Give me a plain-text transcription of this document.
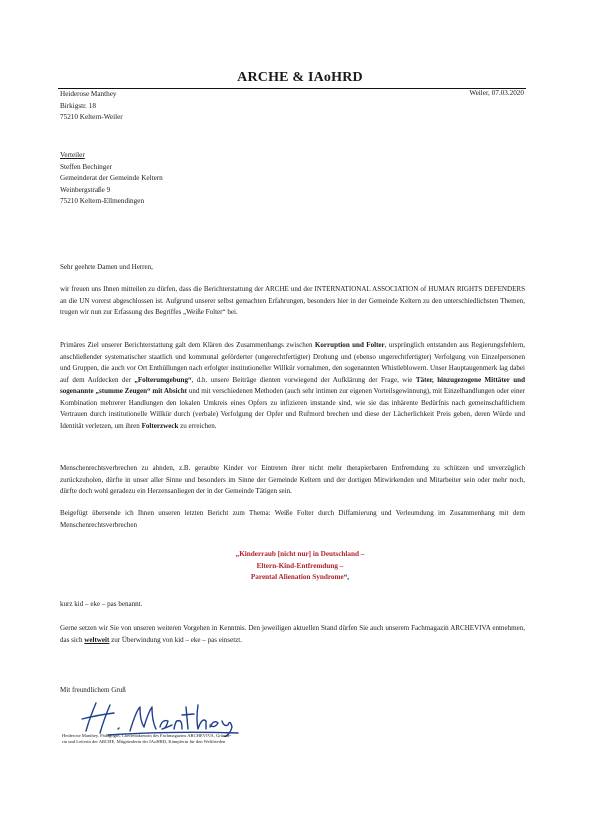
ARCHE & IAoHRD
Heiderose Manthey
Birkigstr. 18
75210 Keltern-Weiler
Weiler, 07.03.2020
Verteiler
Steffen Bechinger
Gemeinderat der Gemeinde Keltern
Weinbergstraße 9
75210 Keltern-Ellmendingen
Sehr geehrte Damen und Herren,
wir freuen uns Ihnen mitteilen zu dürfen, dass die Berichterstattung der ARCHE und der INTERNATIONAL ASSOCIATION of HUMAN RIGHTS DEFENDERS an die UN vorerst abgeschlossen ist. Aufgrund unserer selbst gemachten Erfahrungen, besonders hier in der Gemeinde Keltern zu den unterschiedlichsten Themen, trugen wir nun zur Erfassung des Begriffes „Weiße Folter“ bei.
Primäres Ziel unserer Berichterstattung galt dem Klären des Zusammenhangs zwischen Korruption und Folter, ursprünglich entstanden aus Regierungsfehlern, anschließender systematischer staatlich und kommunal geförderter (ungerechtfertigter) Drohung und (ebenso ungerechtfertigter) Verfolgung von Einzelpersonen und Gruppen, die auch vor Ort Enthüllungen nach erfolgter institutioneller Willkür vornahmen, den sogenannten Whistleblowern. Unser Hauptaugenmerk lag dabei auf dem Aufdecken der „Folterumgebung“, d.h. unsere Beiträge dienten vorwiegend der Aufklärung der Frage, wie Täter, hinzugezogene Mittäter und sogenannte „stumme Zeugen“ mit Absicht und mit verschiedenen Methoden (auch sehr intimen zur eigenen Vorteilsgewinnung), mit Einzelhandlungen oder einer Kombination mehrerer Handlungen den lokalen Umkreis eines Opfers zu infizieren imstande sind, wie sie das inhärente Bedürfnis nach gemeinschaftlichem Vertrauen durch institutionelle Willkür durch (verbale) Verfolgung der Opfer und Rufmord brechen und diese der Lächerlichkeit Preis geben, deren Würde und Identität verletzen, um ihren Folterzweck zu erreichen.
Menschenrechtsverbrechen zu ahnden, z.B. geraubte Kinder vor Eintreten ihrer nicht mehr therapierbaren Entfremdung zu schützen und unverzüglich zurückzuholen, dürfte in unser aller Sinne und besonders im Sinne der Gemeinde Keltern und der dortigen Mitwirkenden und Mitarbeiter sein oder mehr noch, dürfte doch wohl geradezu ein Herzensanliegen der in der Gemeinde Tätigen sein.
Beigefügt übersende ich Ihnen unseren letzten Bericht zum Thema: Weiße Folter durch Diffamierung und Verleumdung im Zusammenhang mit dem Menschenrechtsverbrechen
„Kinderraub [nicht nur] in Deutschland –
Eltern-Kind-Entfremdung –
Parental Alienation Syndrome“,
kurz kid – eke – pas benannt.
Gerne setzen wir Sie von unseren weiteren Vorgehen in Kenntnis. Den jeweiligen aktuellen Stand dürfen Sie auch unserem Fachmagazin ARCHEVIVA entnehmen, das sich weltweit zur Überwindung von kid – eke – pas einsetzt.
Mit freundlichem Gruß
Heiderose Manthey, Pädagogin, Chefredakteurin des Fachmagazins ARCHEVIVA, Gründe-
rin und Leiterin der ARCHE, Mitgründerin der IAoHRD, Kämpferin für den Weltfrieden
